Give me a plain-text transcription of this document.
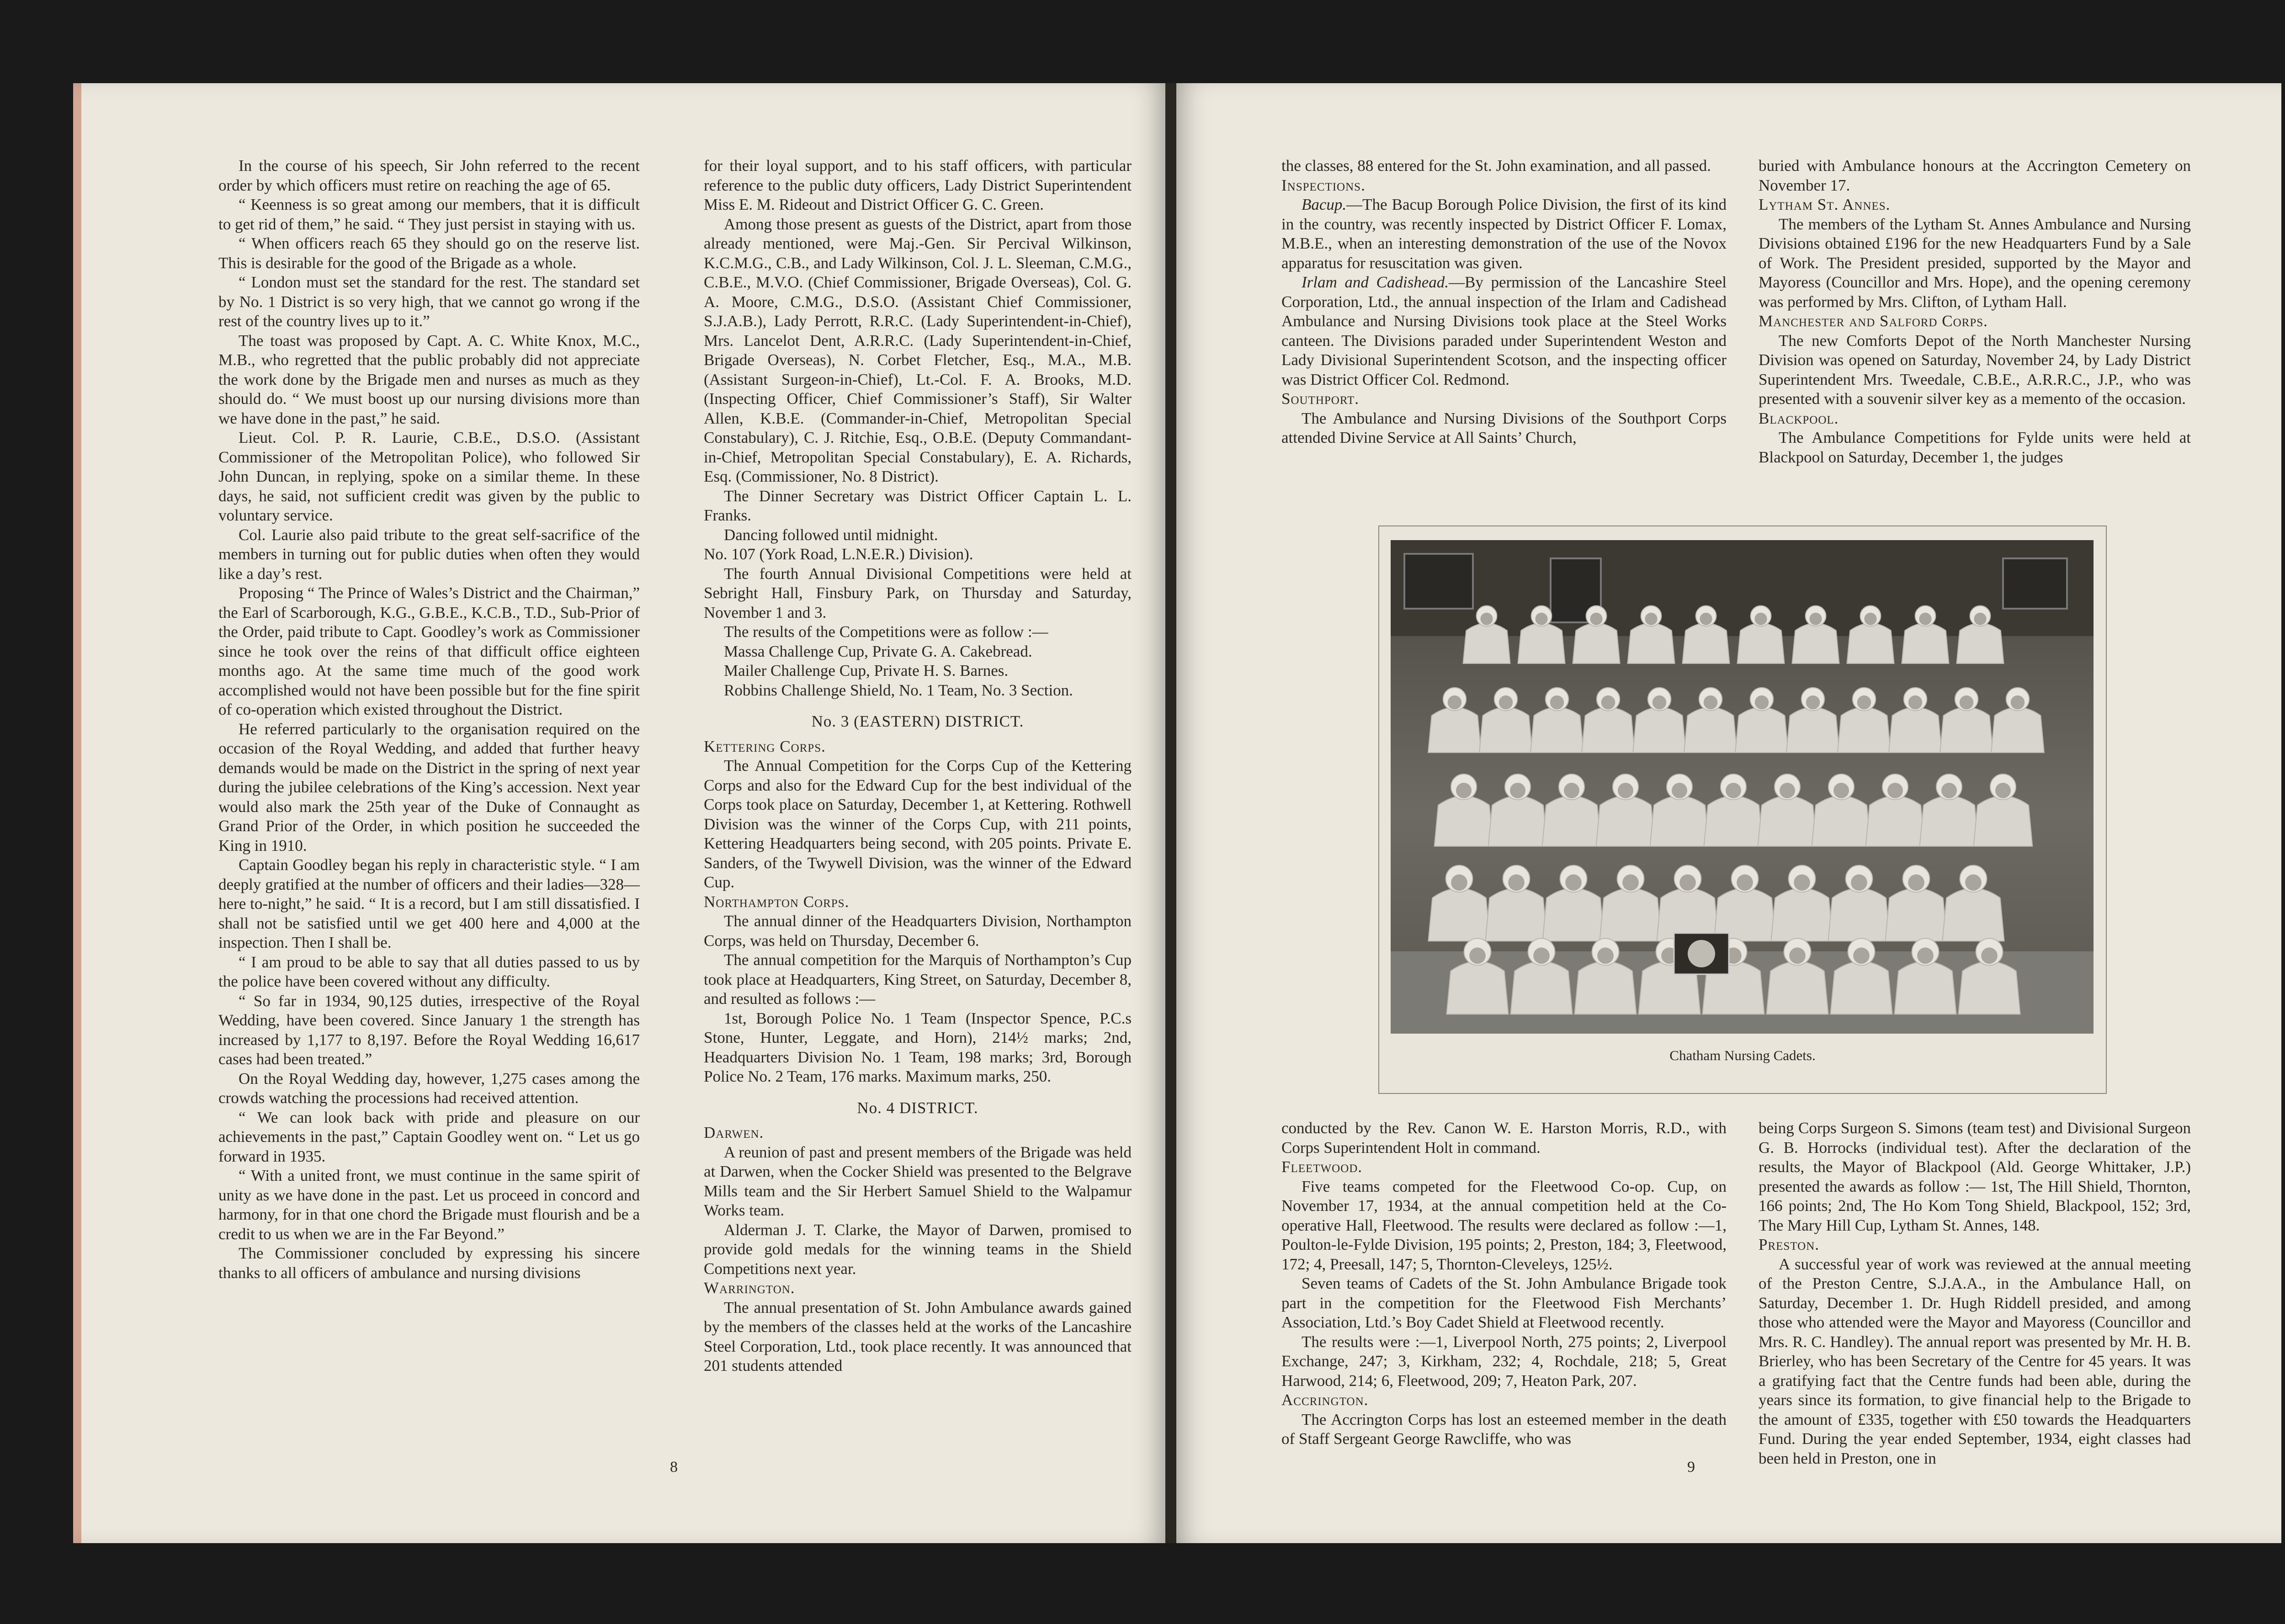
In the course of his speech, Sir John referred to the recent order by which officers must retire on reaching the age of 65.

“ Keenness is so great among our members, that it is difficult to get rid of them,” he said. “ They just persist in staying with us.

“ When officers reach 65 they should go on the reserve list. This is desirable for the good of the Brigade as a whole.

“ London must set the standard for the rest. The standard set by No. 1 District is so very high, that we cannot go wrong if the rest of the country lives up to it.”

The toast was proposed by Capt. A. C. White Knox, M.C., M.B., who regretted that the public probably did not appreciate the work done by the Brigade men and nurses as much as they should do. “ We must boost up our nursing divisions more than we have done in the past,” he said.

Lieut. Col. P. R. Laurie, C.B.E., D.S.O. (Assistant Commissioner of the Metropolitan Police), who followed Sir John Duncan, in replying, spoke on a similar theme. In these days, he said, not sufficient credit was given by the public to voluntary service.

Col. Laurie also paid tribute to the great self-sacrifice of the members in turning out for public duties when often they would like a day’s rest.

Proposing “ The Prince of Wales’s District and the Chairman,” the Earl of Scarborough, K.G., G.B.E., K.C.B., T.D., Sub-Prior of the Order, paid tribute to Capt. Goodley’s work as Commissioner since he took over the reins of that difficult office eighteen months ago. At the same time much of the good work accomplished would not have been possible but for the fine spirit of co-operation which existed throughout the District.

He referred particularly to the organisation required on the occasion of the Royal Wedding, and added that further heavy demands would be made on the District in the spring of next year during the jubilee celebrations of the King’s accession. Next year would also mark the 25th year of the Duke of Connaught as Grand Prior of the Order, in which position he succeeded the King in 1910.

Captain Goodley began his reply in characteristic style. “ I am deeply gratified at the number of officers and their ladies—328—here to-night,” he said. “ It is a record, but I am still dissatisfied. I shall not be satisfied until we get 400 here and 4,000 at the inspection. Then I shall be.

“ I am proud to be able to say that all duties passed to us by the police have been covered without any difficulty.

“ So far in 1934, 90,125 duties, irrespective of the Royal Wedding, have been covered. Since January 1 the strength has increased by 1,177 to 8,197. Before the Royal Wedding 16,617 cases had been treated.”

On the Royal Wedding day, however, 1,275 cases among the crowds watching the processions had received attention.

“ We can look back with pride and pleasure on our achievements in the past,” Captain Goodley went on. “ Let us go forward in 1935.

“ With a united front, we must continue in the same spirit of unity as we have done in the past. Let us proceed in concord and harmony, for in that one chord the Brigade must flourish and be a credit to us when we are in the Far Beyond.”

The Commissioner concluded by expressing his sincere thanks to all officers of ambulance and nursing divisions

for their loyal support, and to his staff officers, with particular reference to the public duty officers, Lady District Superintendent Miss E. M. Rideout and District Officer G. C. Green.

Among those present as guests of the District, apart from those already mentioned, were Maj.-Gen. Sir Percival Wilkinson, K.C.M.G., C.B., and Lady Wilkinson, Col. J. L. Sleeman, C.M.G., C.B.E., M.V.O. (Chief Commissioner, Brigade Overseas), Col. G. A. Moore, C.M.G., D.S.O. (Assistant Chief Commissioner, S.J.A.B.), Lady Perrott, R.R.C. (Lady Superintendent-in-Chief), Mrs. Lancelot Dent, A.R.R.C. (Lady Superintendent-in-Chief, Brigade Overseas), N. Corbet Fletcher, Esq., M.A., M.B. (Assistant Surgeon-in-Chief), Lt.-Col. F. A. Brooks, M.D. (Inspecting Officer, Chief Commissioner’s Staff), Sir Walter Allen, K.B.E. (Commander-in-Chief, Metropolitan Special Constabulary), C. J. Ritchie, Esq., O.B.E. (Deputy Commandant-in-Chief, Metropolitan Special Constabulary), E. A. Richards, Esq. (Commissioner, No. 8 District).

The Dinner Secretary was District Officer Captain L. L. Franks.

Dancing followed until midnight.

No. 107 (York Road, L.N.E.R.) Division).

The fourth Annual Divisional Competitions were held at Sebright Hall, Finsbury Park, on Thursday and Saturday, November 1 and 3.

The results of the Competitions were as follow :—

Massa Challenge Cup, Private G. A. Cakebread.

Mailer Challenge Cup, Private H. S. Barnes.

Robbins Challenge Shield, No. 1 Team, No. 3 Section.

No. 3 (EASTERN) DISTRICT.

Kettering Corps.

The Annual Competition for the Corps Cup of the Kettering Corps and also for the Edward Cup for the best individual of the Corps took place on Saturday, December 1, at Kettering. Rothwell Division was the winner of the Corps Cup, with 211 points, Kettering Headquarters being second, with 205 points. Private E. Sanders, of the Twywell Division, was the winner of the Edward Cup.

Northampton Corps.

The annual dinner of the Headquarters Division, Northampton Corps, was held on Thursday, December 6.

The annual competition for the Marquis of Northampton’s Cup took place at Headquarters, King Street, on Saturday, December 8, and resulted as follows :—

1st, Borough Police No. 1 Team (Inspector Spence, P.C.s Stone, Hunter, Leggate, and Horn), 214½ marks; 2nd, Headquarters Division No. 1 Team, 198 marks; 3rd, Borough Police No. 2 Team, 176 marks. Maximum marks, 250.

No. 4 DISTRICT.

Darwen.

A reunion of past and present members of the Brigade was held at Darwen, when the Cocker Shield was presented to the Belgrave Mills team and the Sir Herbert Samuel Shield to the Walpamur Works team.

Alderman J. T. Clarke, the Mayor of Darwen, promised to provide gold medals for the winning teams in the Shield Competitions next year.

Warrington.

The annual presentation of St. John Ambulance awards gained by the members of the classes held at the works of the Lancashire Steel Corporation, Ltd., took place recently. It was announced that 201 students attended

8

the classes, 88 entered for the St. John examination, and all passed.

Inspections.

Bacup.—The Bacup Borough Police Division, the first of its kind in the country, was recently inspected by District Officer F. Lomax, M.B.E., when an interesting demonstration of the use of the Novox apparatus for resuscitation was given.

Irlam and Cadishead.—By permission of the Lancashire Steel Corporation, Ltd., the annual inspection of the Irlam and Cadishead Ambulance and Nursing Divisions took place at the Steel Works canteen. The Divisions paraded under Superintendent Weston and Lady Divisional Superintendent Scotson, and the inspecting officer was District Officer Col. Redmond.

Southport.

The Ambulance and Nursing Divisions of the Southport Corps attended Divine Service at All Saints’ Church,

buried with Ambulance honours at the Accrington Cemetery on November 17.

Lytham St. Annes.

The members of the Lytham St. Annes Ambulance and Nursing Divisions obtained £196 for the new Headquarters Fund by a Sale of Work. The President presided, supported by the Mayor and Mayoress (Councillor and Mrs. Hope), and the opening ceremony was performed by Mrs. Clifton, of Lytham Hall.

Manchester and Salford Corps.

The new Comforts Depot of the North Manchester Nursing Division was opened on Saturday, November 24, by Lady District Superintendent Mrs. Tweedale, C.B.E., A.R.R.C., J.P., who was presented with a souvenir silver key as a memento of the occasion.

Blackpool.

The Ambulance Competitions for Fylde units were held at Blackpool on Saturday, December 1, the judges

Chatham Nursing Cadets.

conducted by the Rev. Canon W. E. Harston Morris, R.D., with Corps Superintendent Holt in command.

Fleetwood.

Five teams competed for the Fleetwood Co-op. Cup, on November 17, 1934, at the annual competition held at the Co-operative Hall, Fleetwood. The results were declared as follow :—1, Poulton-le-Fylde Division, 195 points; 2, Preston, 184; 3, Fleetwood, 172; 4, Preesall, 147; 5, Thornton-Cleveleys, 125½.

Seven teams of Cadets of the St. John Ambulance Brigade took part in the competition for the Fleetwood Fish Merchants’ Association, Ltd.’s Boy Cadet Shield at Fleetwood recently.

The results were :—1, Liverpool North, 275 points; 2, Liverpool Exchange, 247; 3, Kirkham, 232; 4, Rochdale, 218; 5, Great Harwood, 214; 6, Fleetwood, 209; 7, Heaton Park, 207.

Accrington.

The Accrington Corps has lost an esteemed member in the death of Staff Sergeant George Rawcliffe, who was

being Corps Surgeon S. Simons (team test) and Divisional Surgeon G. B. Horrocks (individual test). After the declaration of the results, the Mayor of Blackpool (Ald. George Whittaker, J.P.) presented the awards as follow :— 1st, The Hill Shield, Thornton, 166 points; 2nd, The Ho Kom Tong Shield, Blackpool, 152; 3rd, The Mary Hill Cup, Lytham St. Annes, 148.

Preston.

A successful year of work was reviewed at the annual meeting of the Preston Centre, S.J.A.A., in the Ambulance Hall, on Saturday, December 1. Dr. Hugh Riddell presided, and among those who attended were the Mayor and Mayoress (Councillor and Mrs. R. C. Handley). The annual report was presented by Mr. H. B. Brierley, who has been Secretary of the Centre for 45 years. It was a gratifying fact that the Centre funds had been able, during the years since its formation, to give financial help to the Brigade to the amount of £335, together with £50 towards the Headquarters Fund. During the year ended September, 1934, eight classes had been held in Preston, one in

9
